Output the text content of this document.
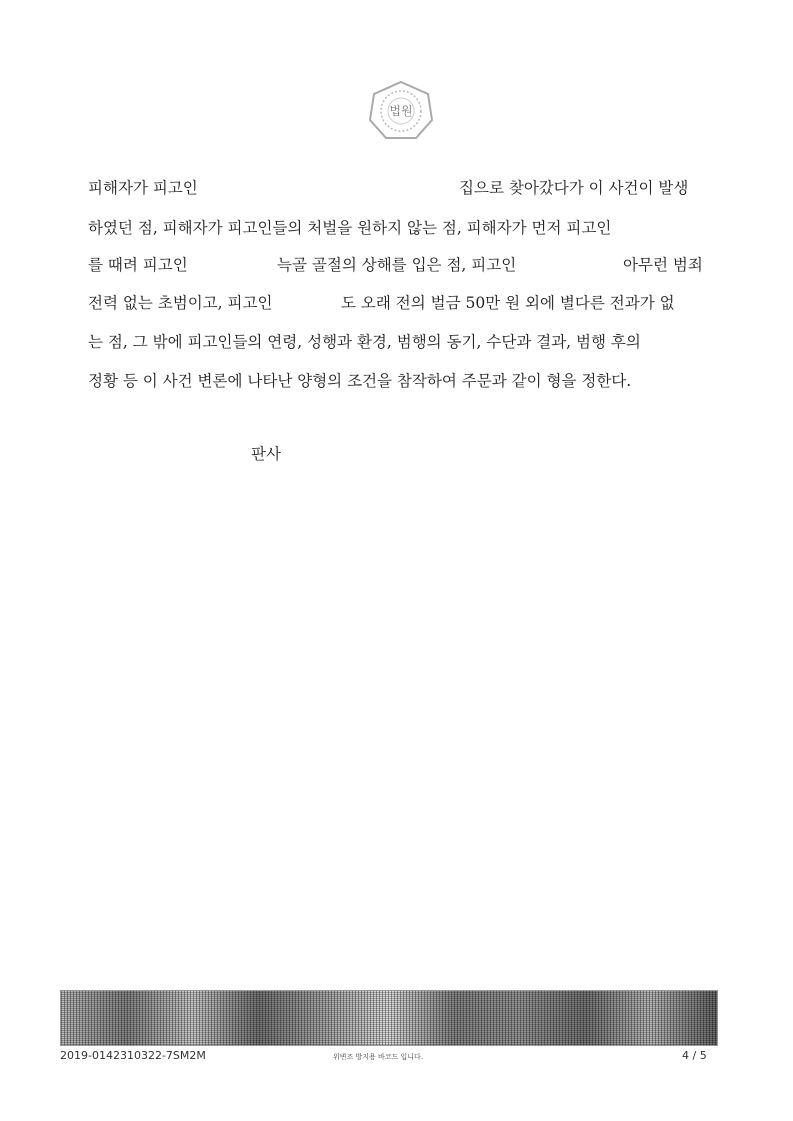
법원
피해자가 피고인	집으로 찾아갔다가 이 사건이 발생
하였던 점, 피해자가 피고인들의 처벌을 원하지 않는 점, 피해자가 먼저 피고인
를 때려 피고인	늑골 골절의 상해를 입은 점, 피고인	아무런 범죄
전력 없는 초범이고, 피고인	도 오래 전의 벌금 50만 원 외에 별다른 전과가 없
는 점, 그 밖에 피고인들의 연령, 성행과 환경, 범행의 동기, 수단과 결과, 범행 후의
정황 등 이 사건 변론에 나타난 양형의 조건을 참작하여 주문과 같이 형을 정한다.
판사
2019-0142310322-7SM2M	위변조 방지용 바코드 입니다.	4 / 5
